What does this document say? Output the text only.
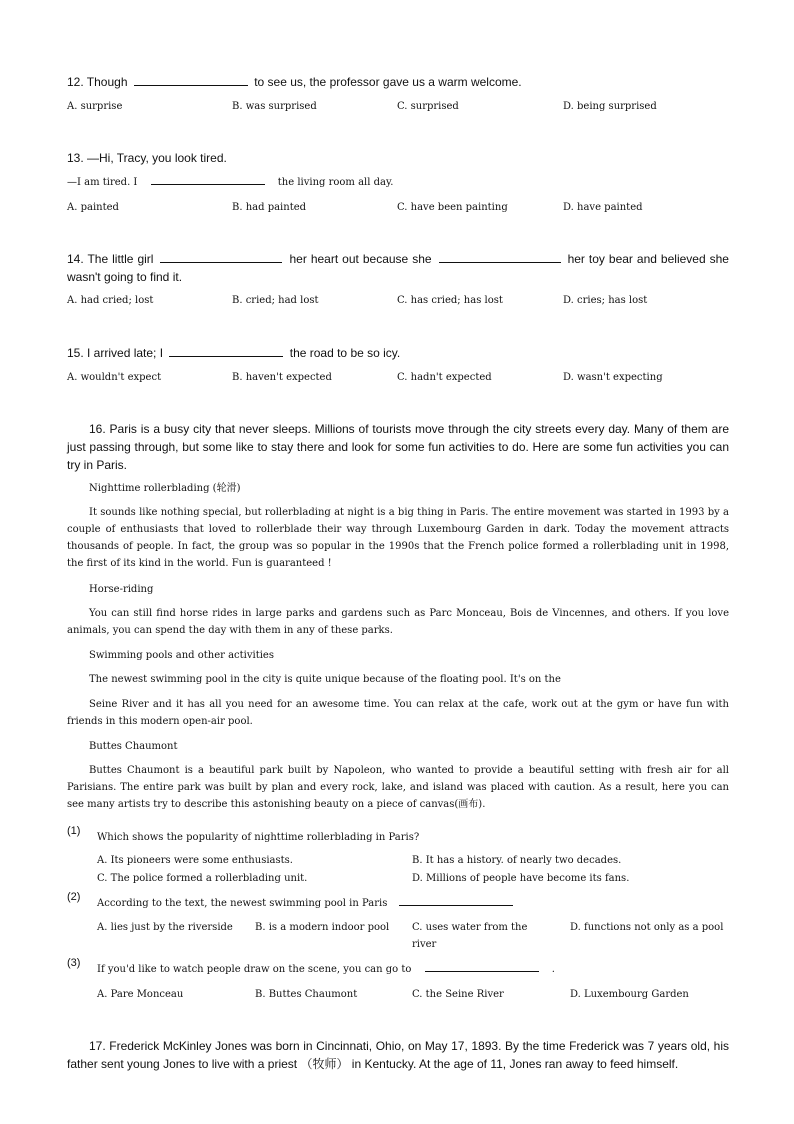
12. Though	to see us, the professor gave us a warm welcome.
A. surprise	B. was surprised	C. surprised	D. being surprised
13. —Hi, Tracy, you look tired.
—I am tired. I	the living room all day.
A. painted	B. had painted	C. have been painting	D. have painted
14. The little girl	her heart out because she	her toy bear and believed she wasn't going to find it.
A. had cried; lost	B. cried; had lost	C. has cried; has lost	D. cries; has lost
15. I arrived late; I	the road to be so icy.
A. wouldn't expect	B. haven't expected	C. hadn't expected	D. wasn't expecting
16. Paris is a busy city that never sleeps. Millions of tourists move through the city streets every day. Many of them are just passing through, but some like to stay there and look for some fun activities to do. Here are some fun activities you can try in Paris.
Nighttime rollerblading (轮滑)
It sounds like nothing special, but rollerblading at night is a big thing in Paris. The entire movement was started in 1993 by a couple of enthusiasts that loved to rollerblade their way through Luxembourg Garden in dark. Today the movement attracts thousands of people. In fact, the group was so popular in the 1990s that the French police formed a rollerblading unit in 1998, the first of its kind in the world. Fun is guaranteed !
Horse-riding
You can still find horse rides in large parks and gardens such as Parc Monceau, Bois de Vincennes, and others. If you love animals, you can spend the day with them in any of these parks.
Swimming pools and other activities
The newest swimming pool in the city is quite unique because of the floating pool. It's on the
Seine River and it has all you need for an awesome time. You can relax at the cafe, work out at the gym or have fun with friends in this modern open-air pool.
Buttes Chaumont
Buttes Chaumont is a beautiful park built by Napoleon, who wanted to provide a beautiful setting with fresh air for all Parisians. The entire park was built by plan and every rock, lake, and island was placed with caution. As a result, here you can see many artists try to describe this astonishing beauty on a piece of canvas(画布).
(1)
Which shows the popularity of nighttime rollerblading in Paris?
A. Its pioneers were some enthusiasts.	B. It has a history. of nearly two decades.
C. The police formed a rollerblading unit.	D. Millions of people have become its fans.
(2)
According to the text, the newest swimming pool in Paris
A. lies just by the riverside	B. is a modern indoor pool	C. uses water from the river
D. functions not only as a pool
(3)
If you'd like to watch people draw on the scene, you can go to	.
A. Pare Monceau	B. Buttes Chaumont	C. the Seine River	D. Luxembourg Garden
17. Frederick McKinley Jones was born in Cincinnati, Ohio, on May 17, 1893. By the time Frederick was 7 years old, his father sent young Jones to live with a priest （牧师） in Kentucky. At the age of 11, Jones ran away to feed himself.
